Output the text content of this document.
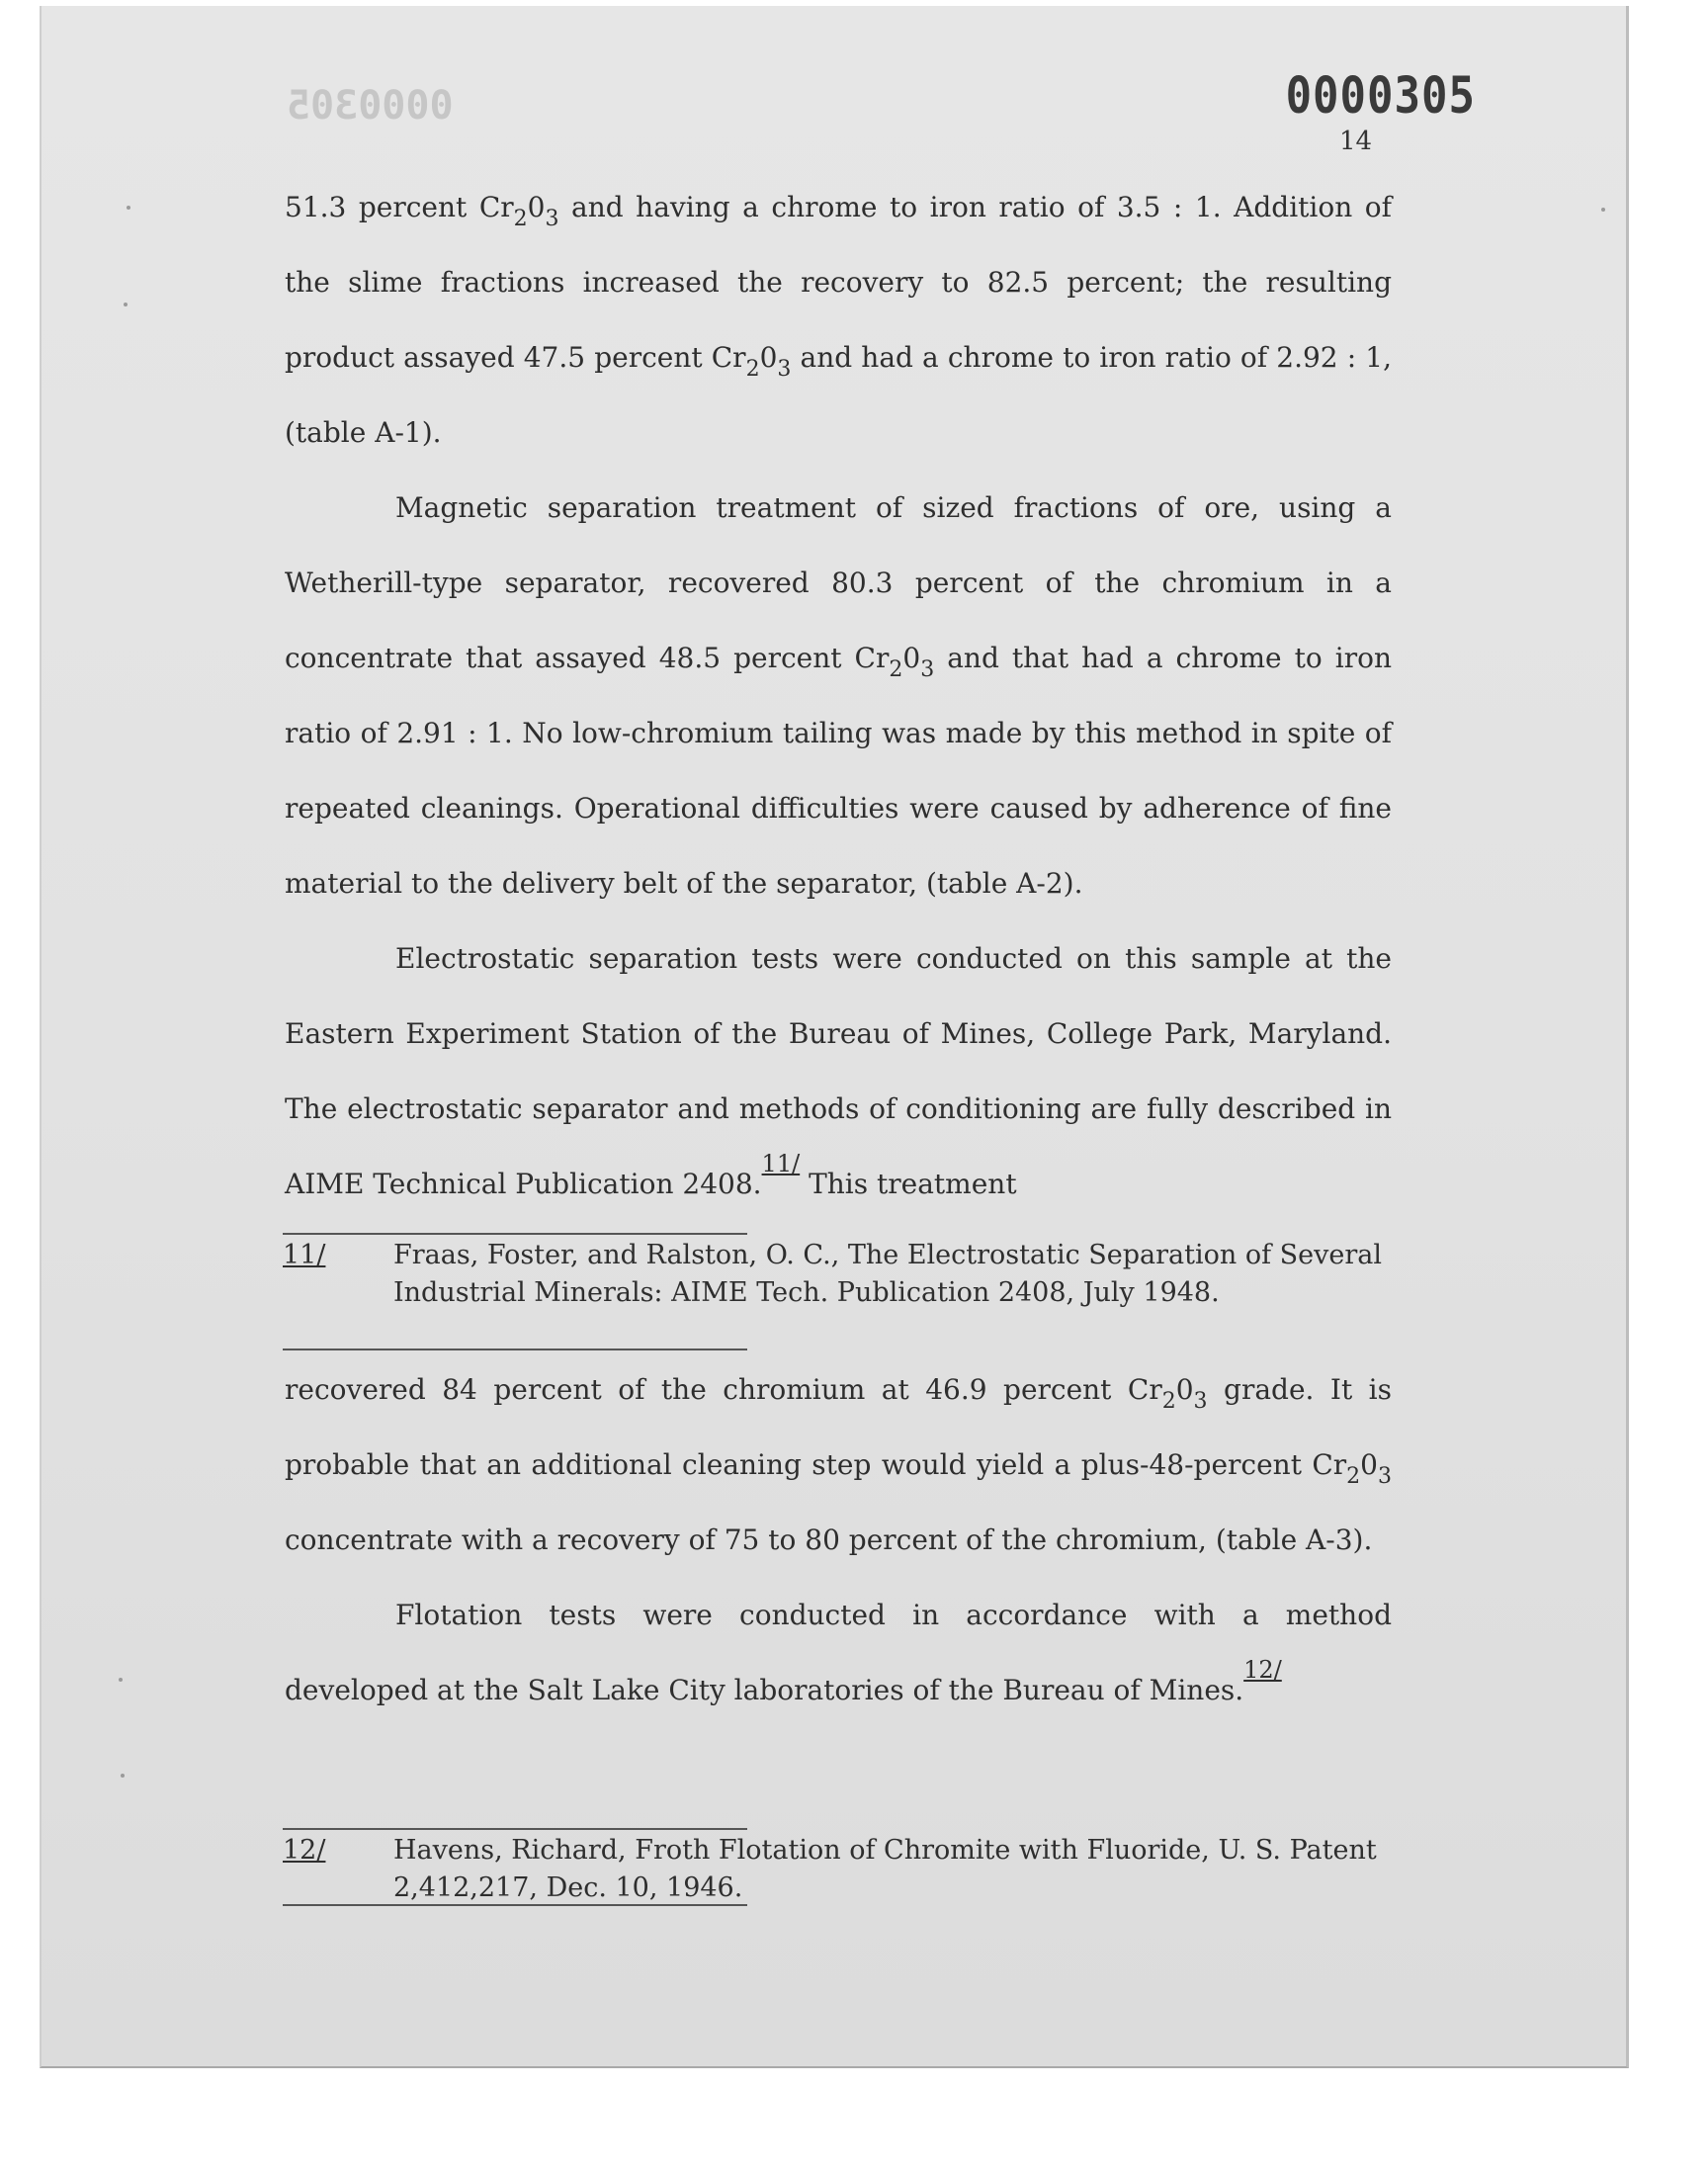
0000305	0000305
14

51.3 percent $Cr_20_3$ and having a chrome to iron ratio of 3.5 : 1. Addition of the slime fractions increased the recovery to 82.5 percent; the resulting product assayed 47.5 percent $Cr_20_3$ and had a chrome to iron ratio of 2.92 : 1, (table A-1).

Magnetic separation treatment of sized fractions of ore, using a Wetherill-type separator, recovered 80.3 percent of the chromium in a concentrate that assayed 48.5 percent $Cr_20_3$ and that had a chrome to iron ratio of 2.91 : 1. No low-chromium tailing was made by this method in spite of repeated cleanings. Operational difficulties were caused by adherence of fine material to the delivery belt of the separator, (table A-2).

Electrostatic separation tests were conducted on this sample at the Eastern Experiment Station of the Bureau of Mines, College Park, Maryland. The electrostatic separator and methods of conditioning are fully described in AIME Technical Publication 2408.11/ This treatment

11/	Fraas, Foster, and Ralston, O. C., The Electrostatic Separation of Several Industrial Minerals: AIME Tech. Publication 2408, July 1948.

recovered 84 percent of the chromium at 46.9 percent $Cr_20_3$ grade. It is probable that an additional cleaning step would yield a plus-48-percent $Cr_20_3$ concentrate with a recovery of 75 to 80 percent of the chromium, (table A-3).

Flotation tests were conducted in accordance with a method developed at the Salt Lake City laboratories of the Bureau of Mines.12/

12/	Havens, Richard, Froth Flotation of Chromite with Fluoride, U. S. Patent 2,412,217, Dec. 10, 1946.
